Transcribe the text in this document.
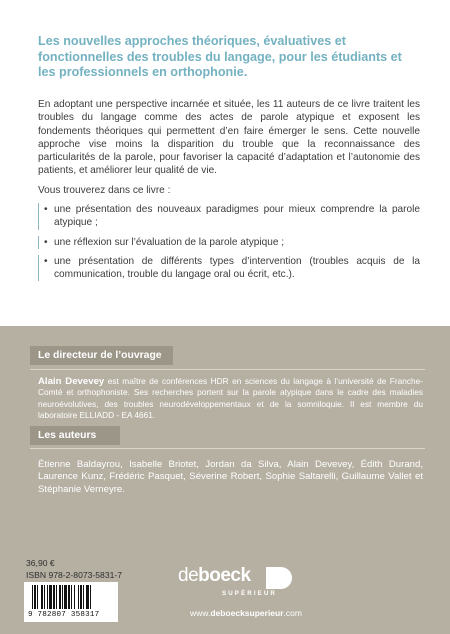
Les nouvelles approches théoriques, évaluatives et fonctionnelles des troubles du langage, pour les étudiants et les professionnels en orthophonie.

En adoptant une perspective incarnée et située, les 11 auteurs de ce livre traitent les troubles du langage comme des actes de parole atypique et exposent les fondements théoriques qui permettent d’en faire émerger le sens. Cette nouvelle approche vise moins la disparition du trouble que la reconnaissance des particularités de la parole, pour favoriser la capacité d’adaptation et l’autonomie des patients, et améliorer leur qualité de vie.

Vous trouverez dans ce livre :

• une présentation des nouveaux paradigmes pour mieux comprendre la parole atypique ;
• une réflexion sur l’évaluation de la parole atypique ;
• une présentation de différents types d’intervention (troubles acquis de la communication, trouble du langage oral ou écrit, etc.).
Le directeur de l’ouvrage

Alain Devevey est maître de conférences HDR en sciences du langage à l’université de Franche-Comté et orthophoniste. Ses recherches portent sur la parole atypique dans le cadre des maladies neuroévolutives, des troubles neurodéveloppementaux et de la somniloquie. Il est membre du laboratoire ELLIADD - EA 4661.

Les auteurs

Étienne Baldayrou, Isabelle Briotet, Jordan da Silva, Alain Devevey, Édith Durand, Laurence Kunz, Frédéric Pasquet, Séverine Robert, Sophie Saltarelli, Guillaume Vallet et Stéphanie Verneyre.

36,90 €
ISBN 978-2-8073-5831-7
9 782807 358317
deboeck
SUPÉRIEUR
www.deboecksuperieur.com
